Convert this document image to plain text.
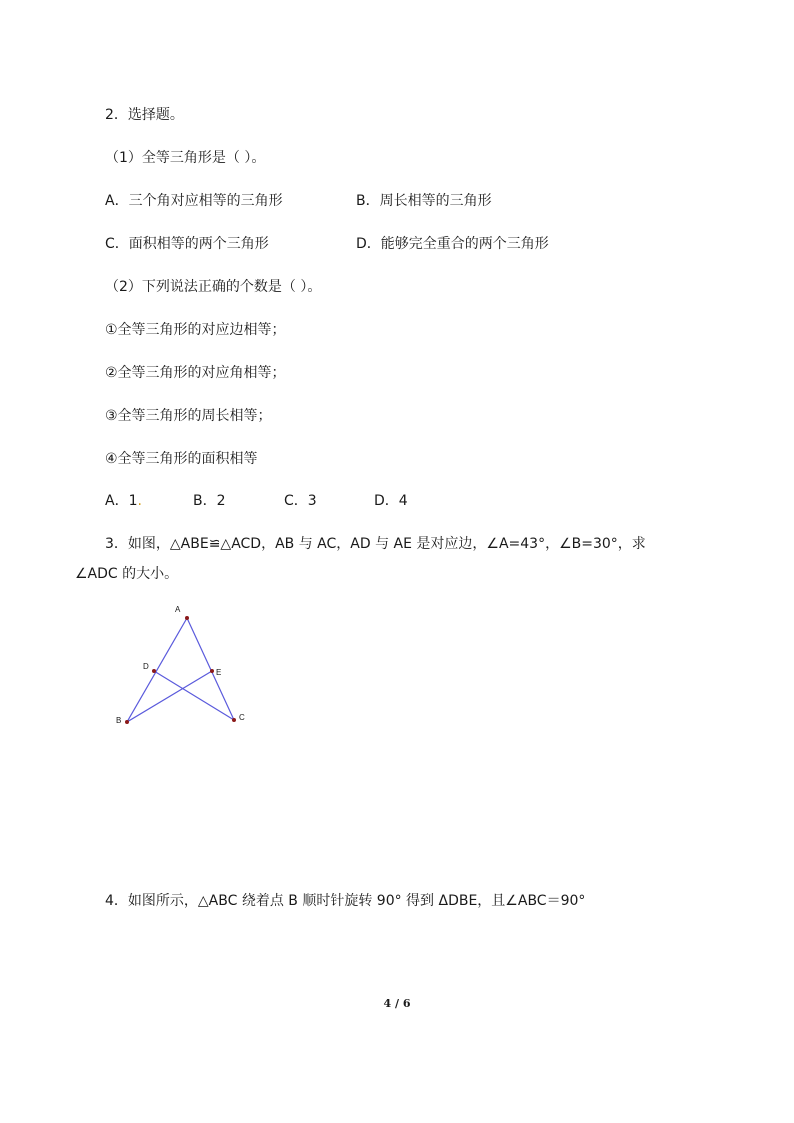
2．选择题。
（1）全等三角形是（ ）。
A．三个角对应相等的三角形	B．周长相等的三角形
C．面积相等的两个三角形	D．能够完全重合的两个三角形
（2）下列说法正确的个数是（ ）。
①全等三角形的对应边相等；
②全等三角形的对应角相等；
③全等三角形的周长相等；
④全等三角形的面积相等
A．1.	B．2	C．3	D．4
3．如图，△ABE≌△ACD，AB 与 AC，AD 与 AE 是对应边，∠A=43°，∠B=30°，求
∠ADC 的大小。
A
B	C
D
E
4．如图所示，△ABC 绕着点 B 顺时针旋转 90° 得到 ΔDBE，且∠ABC＝90°
4 / 6
